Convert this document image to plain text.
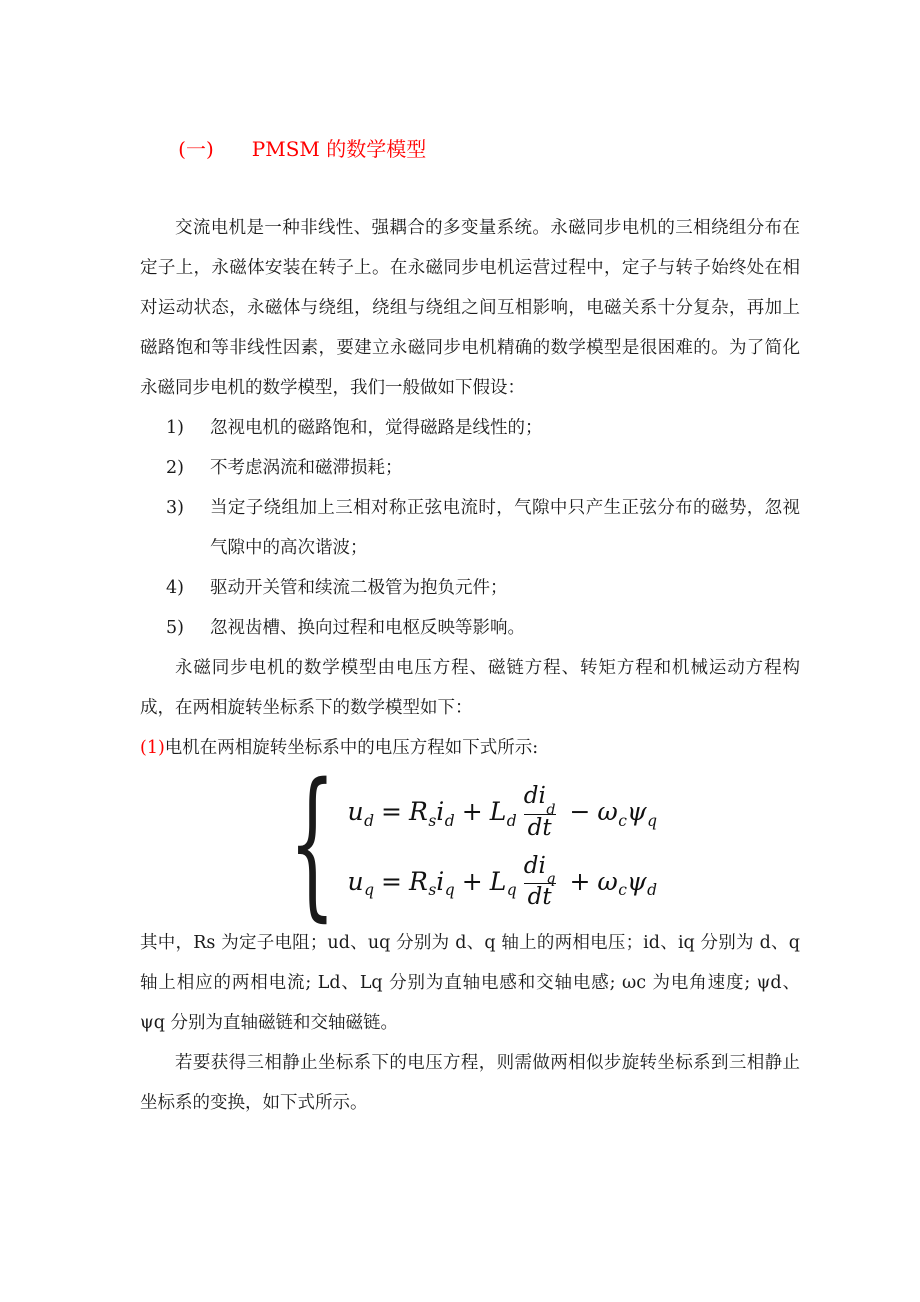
(一) PMSM 的数学模型

交流电机是一种非线性、强耦合的多变量系统。永磁同步电机的三相绕组分布在定子上，永磁体安装在转子上。在永磁同步电机运营过程中，定子与转子始终处在相对运动状态，永磁体与绕组，绕组与绕组之间互相影响，电磁关系十分复杂，再加上磁路饱和等非线性因素，要建立永磁同步电机精确的数学模型是很困难的。为了简化永磁同步电机的数学模型，我们一般做如下假设：

1)	忽视电机的磁路饱和，觉得磁路是线性的；
2)	不考虑涡流和磁滞损耗；
3)	当定子绕组加上三相对称正弦电流时，气隙中只产生正弦分布的磁势，忽视气隙中的高次谐波；
4)	驱动开关管和续流二极管为抱负元件；
5)	忽视齿槽、换向过程和电枢反映等影响。

永磁同步电机的数学模型由电压方程、磁链方程、转矩方程和机械运动方程构成，在两相旋转坐标系下的数学模型如下：

(1)电机在两相旋转坐标系中的电压方程如下式所示:

{ u d = R s i d + L d $\frac{di_d}{dt} - \omega$ c ψ q
u q = R s i q + L q $\frac{di_q}{dt} + \omega$ c ψ d

其中，Rs 为定子电阻；ud、uq 分别为 d、q 轴上的两相电压；id、iq 分别为 d、q 轴上相应的两相电流; Ld、Lq 分别为直轴电感和交轴电感; ωc 为电角速度; ψd、 ψq 分别为直轴磁链和交轴磁链。

若要获得三相静止坐标系下的电压方程，则需做两相似步旋转坐标系到三相静止坐标系的变换，如下式所示。
